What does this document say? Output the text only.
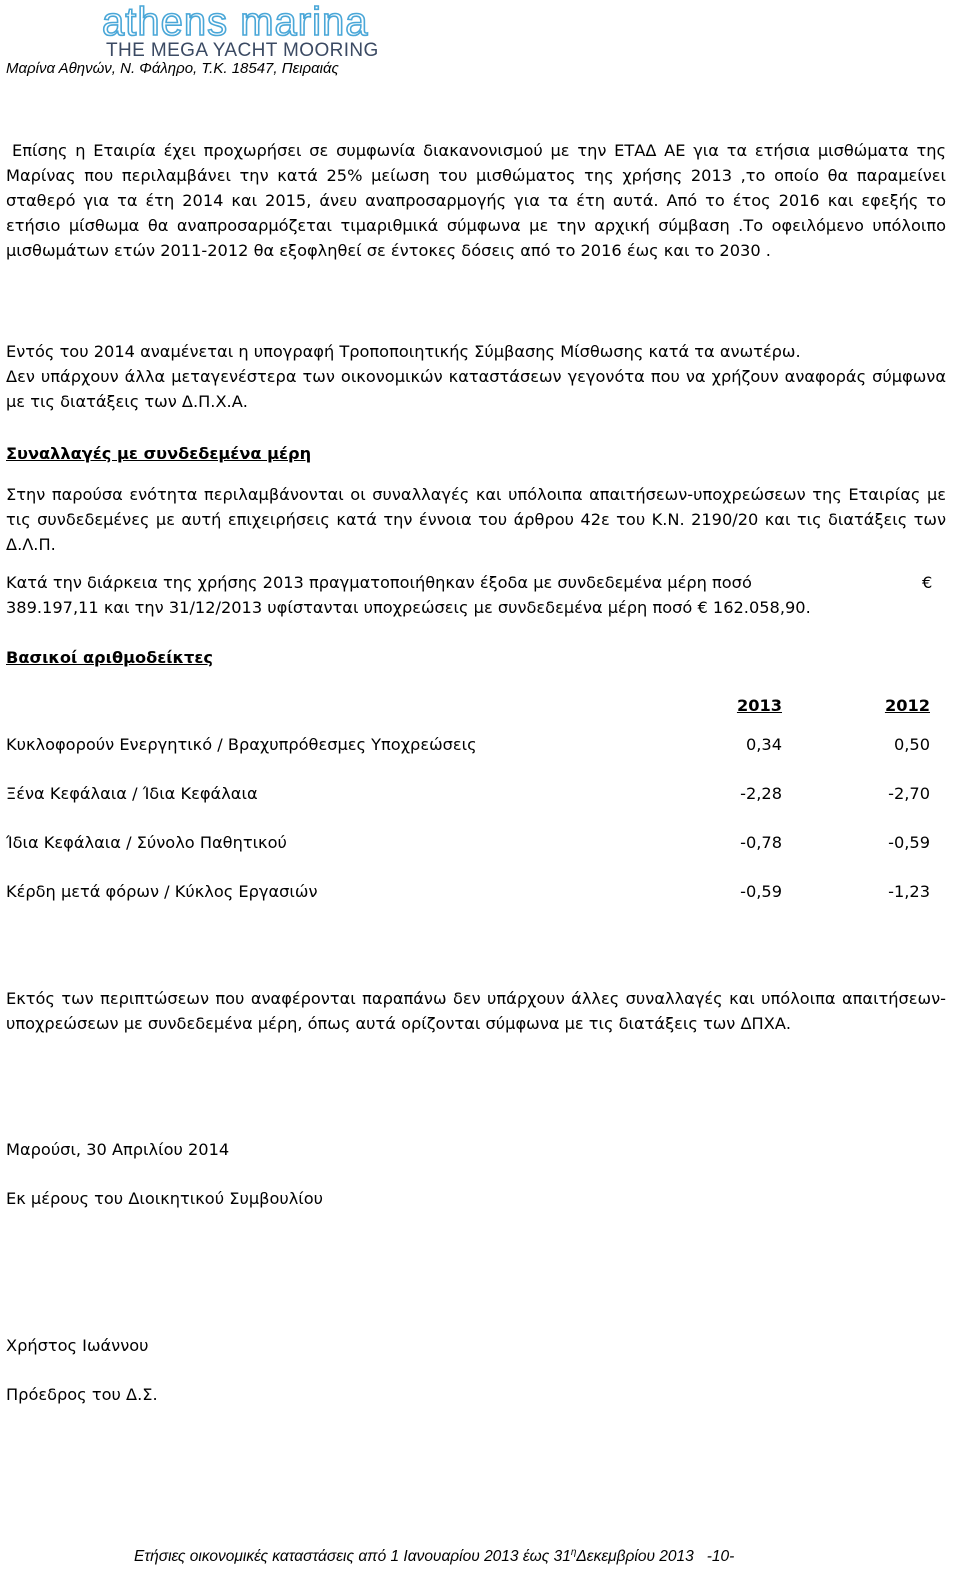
athens marina
THE MEGA YACHT MOORING
Μαρίνα Αθηνών, Ν. Φάληρο, Τ.Κ. 18547, Πειραιάς

Επίσης η Εταιρία έχει προχωρήσει σε συμφωνία διακανονισμού με την ΕΤΑΔ ΑΕ για τα ετήσια μισθώματα της Μαρίνας που περιλαμβάνει την κατά 25% μείωση του μισθώματος της χρήσης 2013 ,το οποίο θα παραμείνει σταθερό για τα έτη 2014 και 2015, άνευ αναπροσαρμογής για τα έτη αυτά. Από το έτος 2016 και εφεξής το ετήσιο μίσθωμα θα αναπροσαρμόζεται τιμαριθμικά σύμφωνα με την αρχική σύμβαση .Το οφειλόμενο υπόλοιπο μισθωμάτων ετών 2011-2012 θα εξοφληθεί σε έντοκες δόσεις από το 2016 έως και το 2030 .

Εντός του 2014 αναμένεται η υπογραφή Τροποποιητικής Σύμβασης Μίσθωσης κατά τα ανωτέρω.

Δεν υπάρχουν άλλα μεταγενέστερα των οικονομικών καταστάσεων γεγονότα που να χρήζουν αναφοράς σύμφωνα με τις διατάξεις των Δ.Π.Χ.Α.

Συναλλαγές με συνδεδεμένα μέρη

Στην παρούσα ενότητα περιλαμβάνονται οι συναλλαγές και υπόλοιπα απαιτήσεων-υποχρεώσεων της Εταιρίας με τις συνδεδεμένες με αυτή επιχειρήσεις κατά την έννοια του άρθρου 42ε του Κ.Ν. 2190/20 και τις διατάξεις των Δ.Λ.Π.

Κατά την διάρκεια της χρήσης 2013 πραγματοποιήθηκαν έξοδα με συνδεδεμένα μέρη ποσό	€
389.197,11 και την 31/12/2013 υφίστανται υποχρεώσεις με συνδεδεμένα μέρη ποσό € 162.058,90.
Βασικοί αριθμοδείκτες
	2013	2012
Κυκλοφορούν Ενεργητικό / Βραχυπρόθεσμες Υποχρεώσεις	0,34	0,50
Ξένα Κεφάλαια / Ίδια Κεφάλαια	-2,28	-2,70
Ίδια Κεφάλαια / Σύνολο Παθητικού	-0,78	-0,59
Κέρδη μετά φόρων / Κύκλος Εργασιών	-0,59	-1,23

Εκτός των περιπτώσεων που αναφέρονται παραπάνω δεν υπάρχουν άλλες συναλλαγές και υπόλοιπα απαιτήσεων-υποχρεώσεων με συνδεδεμένα μέρη, όπως αυτά ορίζονται σύμφωνα με τις διατάξεις των ΔΠΧΑ.

Μαρούσι, 30 Απριλίου 2014
Εκ μέρους του Διοικητικού Συμβουλίου
Χρήστος Ιωάννου
Πρόεδρος του Δ.Σ.
Ετήσιες οικονομικές καταστάσεις από 1 Ιανουαρίου 2013 έως $31^\eta\Delta\varepsilon\kappa\varepsilon\mu\beta\rho ίo\upsilon$ 2013 -10-
